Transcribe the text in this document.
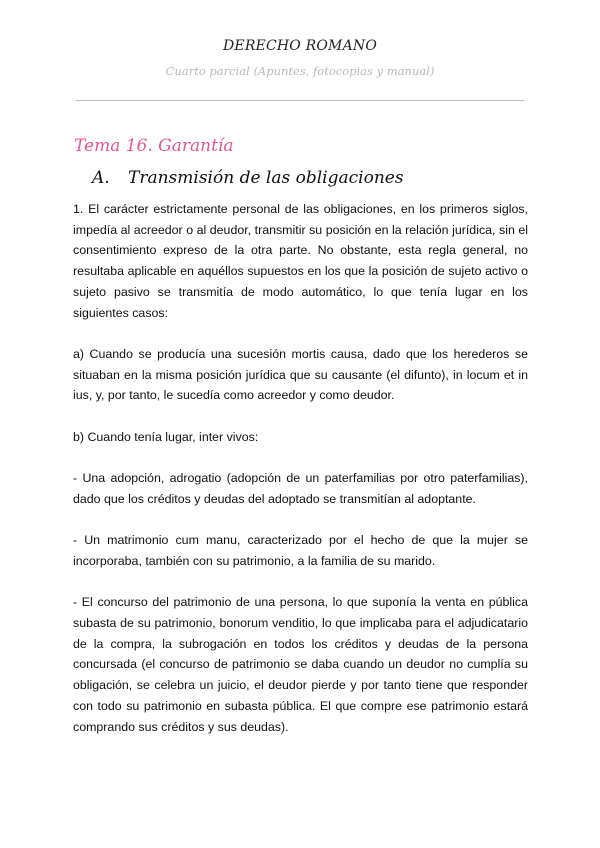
DERECHO ROMANO
Cuarto parcial (Apuntes, fotocopias y manual)
Tema 16. Garantía
A. Transmisión de las obligaciones

1. El carácter estrictamente personal de las obligaciones, en los primeros siglos, impedía al acreedor o al deudor, transmitir su posición en la relación jurídica, sin el consentimiento expreso de la otra parte. No obstante, esta regla general, no resultaba aplicable en aquéllos supuestos en los que la posición de sujeto activo o sujeto pasivo se transmitía de modo automático, lo que tenía lugar en los siguientes casos:

a) Cuando se producía una sucesión mortis causa, dado que los herederos se situaban en la misma posición jurídica que su causante (el difunto), in locum et in ius, y, por tanto, le sucedía como acreedor y como deudor.

b) Cuando tenía lugar, inter vivos:

- Una adopción, adrogatio (adopción de un paterfamilias por otro paterfamilias), dado que los créditos y deudas del adoptado se transmitían al adoptante.

- Un matrimonio cum manu, caracterizado por el hecho de que la mujer se incorporaba, también con su patrimonio, a la familia de su marido.

- El concurso del patrimonio de una persona, lo que suponía la venta en pública subasta de su patrimonio, bonorum venditio, lo que implicaba para el adjudicatario de la compra, la subrogación en todos los créditos y deudas de la persona concursada (el concurso de patrimonio se daba cuando un deudor no cumplía su obligación, se celebra un juicio, el deudor pierde y por tanto tiene que responder con todo su patrimonio en subasta pública. El que compre ese patrimonio estará comprando sus créditos y sus deudas).
